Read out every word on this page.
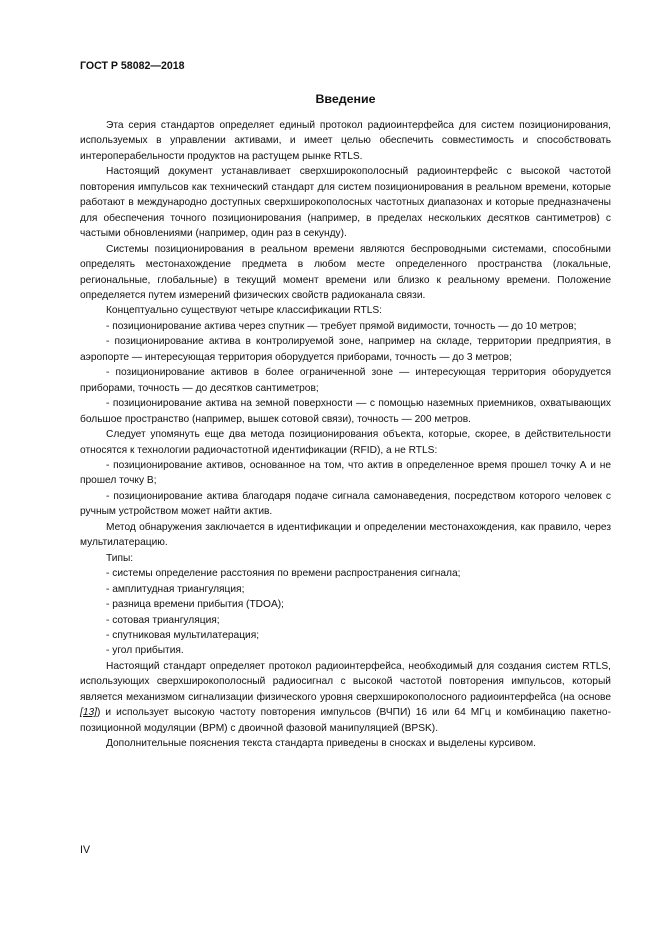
ГОСТ Р 58082—2018
Введение

Эта серия стандартов определяет единый протокол радиоинтерфейса для систем позиционирования, используемых в управлении активами, и имеет целью обеспечить совместимость и способствовать интероперабельности продуктов на растущем рынке RTLS.

Настоящий документ устанавливает сверхширокополосный радиоинтерфейс с высокой частотой повторения импульсов как технический стандарт для систем позиционирования в реальном времени, которые работают в международно доступных сверхширокополосных частотных диапазонах и которые предназначены для обеспечения точного позиционирования (например, в пределах нескольких десятков сантиметров) с частыми обновлениями (например, один раз в секунду).

Системы позиционирования в реальном времени являются беспроводными системами, способными определять местонахождение предмета в любом месте определенного пространства (локальные, региональные, глобальные) в текущий момент времени или близко к реальному времени. Положение определяется путем измерений физических свойств радиоканала связи.

Концептуально существуют четыре классификации RTLS:

- позиционирование актива через спутник — требует прямой видимости, точность — до 10 метров;

- позиционирование актива в контролируемой зоне, например на складе, территории предприятия, в аэропорте — интересующая территория оборудуется приборами, точность — до 3 метров;

- позиционирование активов в более ограниченной зоне — интересующая территория оборудуется приборами, точность — до десятков сантиметров;

- позиционирование актива на земной поверхности — с помощью наземных приемников, охватывающих большое пространство (например, вышек сотовой связи), точность — 200 метров.

Следует упомянуть еще два метода позиционирования объекта, которые, скорее, в действительности относятся к технологии радиочастотной идентификации (RFID), а не RTLS:

- позиционирование активов, основанное на том, что актив в определенное время прошел точку А и не прошел точку В;

- позиционирование актива благодаря подаче сигнала самонаведения, посредством которого человек с ручным устройством может найти актив.

Метод обнаружения заключается в идентификации и определении местонахождения, как правило, через мультилатерацию.

Типы:

- системы определение расстояния по времени распространения сигнала;

- амплитудная триангуляция;

- разница времени прибытия (TDOA);

- сотовая триангуляция;

- спутниковая мультилатерация;

- угол прибытия.

Настоящий стандарт определяет протокол радиоинтерфейса, необходимый для создания систем RTLS, использующих сверхширокополосный радиосигнал с высокой частотой повторения импульсов, который является механизмом сигнализации физического уровня сверхширокополосного радиоинтерфейса (на основе [13]) и использует высокую частоту повторения импульсов (ВЧПИ) 16 или 64 МГц и комбинацию пакетно-позиционной модуляции (ВРМ) с двоичной фазовой манипуляцией (BPSK).

Дополнительные пояснения текста стандарта приведены в сносках и выделены курсивом.

IV
